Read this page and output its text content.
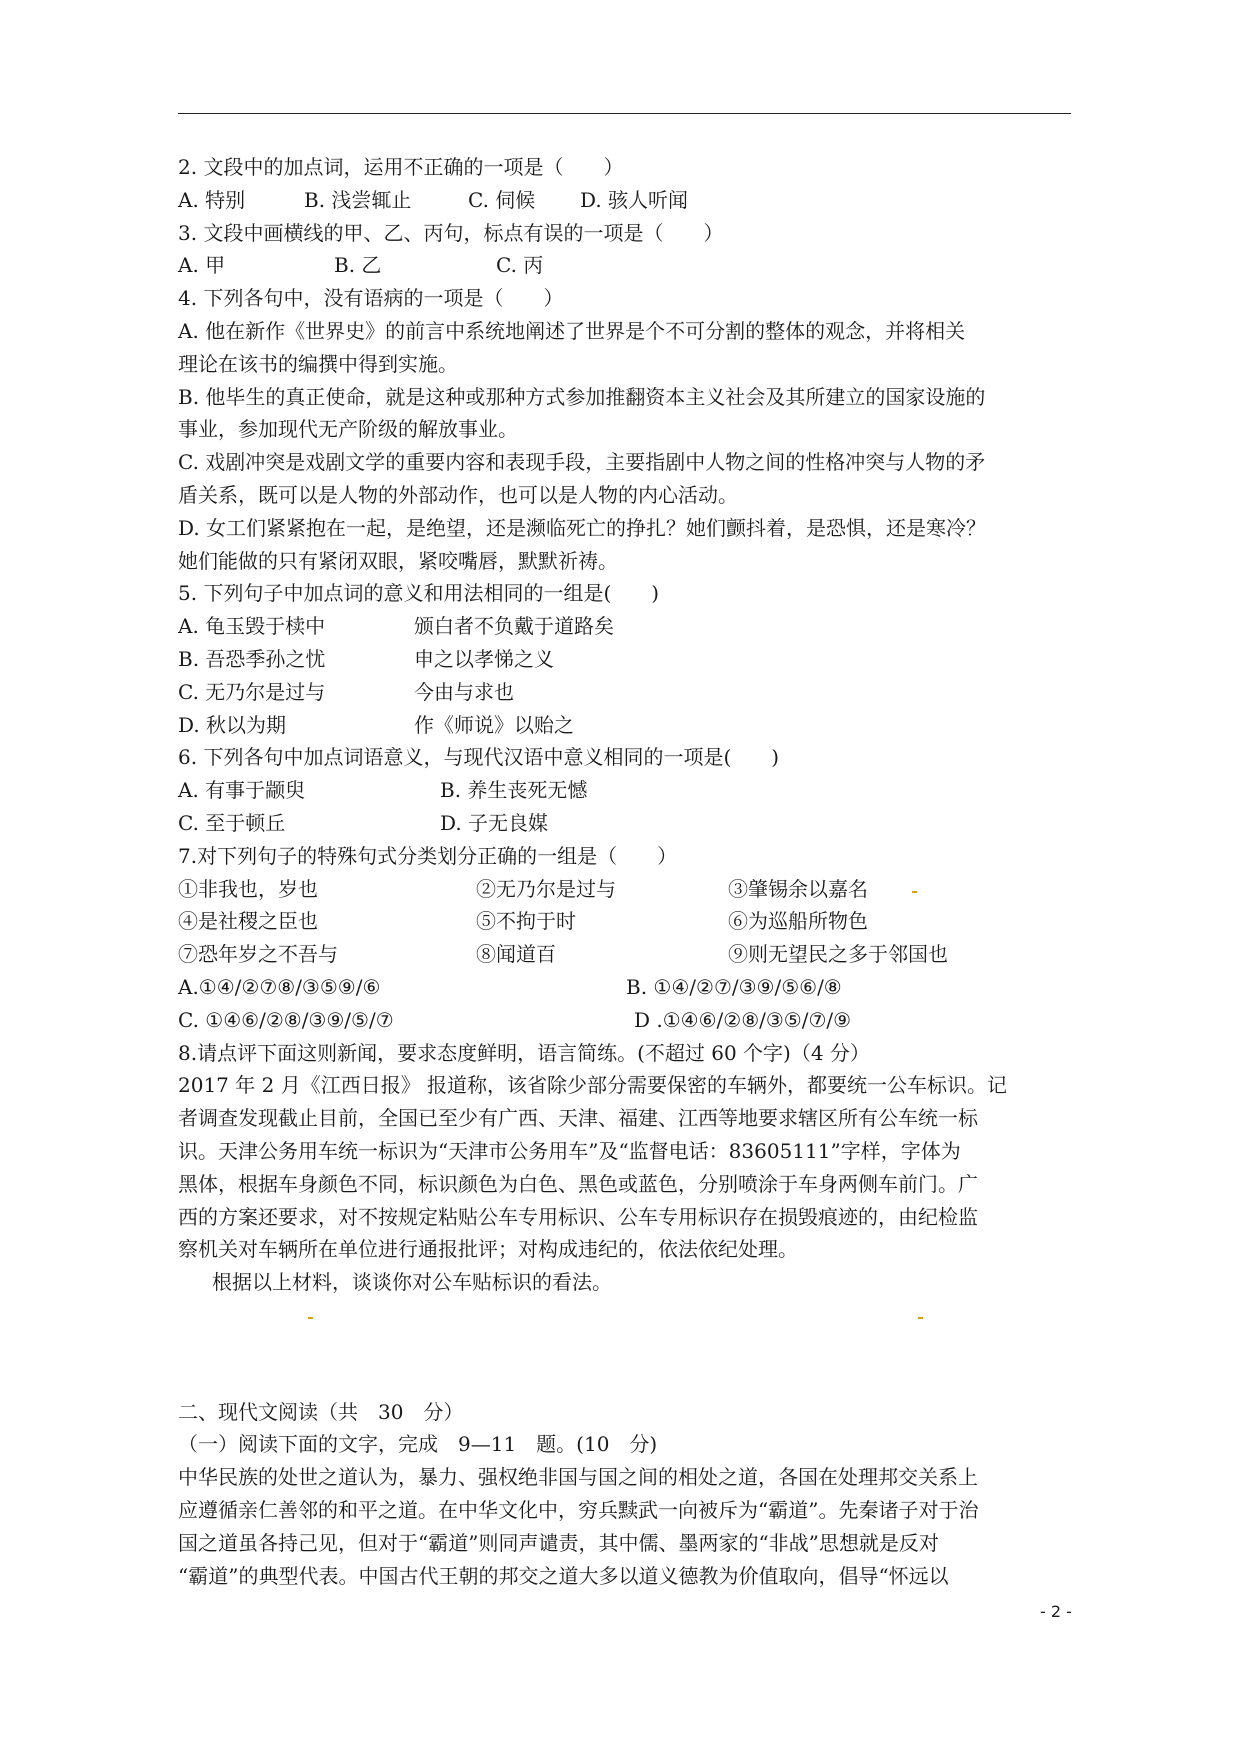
2. 文段中的加点词，运用不正确的一项是（　　）
A. 特别	B. 浅尝辄止	C. 伺候	D. 骇人听闻
3. 文段中画横线的甲、乙、丙句，标点有误的一项是（　　）
A. 甲	B. 乙	C. 丙
4. 下列各句中，没有语病的一项是（　　）
A. 他在新作《世界史》的前言中系统地阐述了世界是个不可分割的整体的观念，并将相关
理论在该书的编撰中得到实施。
B. 他毕生的真正使命，就是这种或那种方式参加推翻资本主义社会及其所建立的国家设施的
事业，参加现代无产阶级的解放事业。
C. 戏剧冲突是戏剧文学的重要内容和表现手段，主要指剧中人物之间的性格冲突与人物的矛
盾关系，既可以是人物的外部动作，也可以是人物的内心活动。
D. 女工们紧紧抱在一起，是绝望，还是濒临死亡的挣扎？她们颤抖着，是恐惧，还是寒冷？
她们能做的只有紧闭双眼，紧咬嘴唇，默默祈祷。
5. 下列句子中加点词的意义和用法相同的一组是(　　)
A. 龟玉毁于椟中	颁白者不负戴于道路矣
B. 吾恐季孙之忧	申之以孝悌之义
C. 无乃尔是过与	今由与求也
D. 秋以为期	作《师说》以贻之
6. 下列各句中加点词语意义，与现代汉语中意义相同的一项是(　　)
A. 有事于颛臾	B. 养生丧死无憾
C. 至于顿丘	D. 子无良媒
7.对下列句子的特殊句式分类划分正确的一组是（　　）
①非我也，岁也	②无乃尔是过与	③肇锡余以嘉名
④是社稷之臣也	⑤不拘于时	⑥为巡船所物色
⑦恐年岁之不吾与	⑧闻道百	⑨则无望民之多于邻国也
A.①④/②⑦⑧/③⑤⑨/⑥	B. ①④/②⑦/③⑨/⑤⑥/⑧
C. ①④⑥/②⑧/③⑨/⑤/⑦	D .①④⑥/②⑧/③⑤/⑦/⑨
8.请点评下面这则新闻，要求态度鲜明，语言简练。(不超过 60 个字)（4 分）
2017 年 2 月《江西日报》 报道称，该省除少部分需要保密的车辆外，都要统一公车标识。记
者调查发现截止目前，全国已至少有广西、天津、福建、江西等地要求辖区所有公车统一标
识。天津公务用车统一标识为“天津市公务用车”及“监督电话：83605111”字样，字体为
黑体，根据车身颜色不同，标识颜色为白色、黑色或蓝色，分别喷涂于车身两侧车前门。广
西的方案还要求，对不按规定粘贴公车专用标识、公车专用标识存在损毁痕迹的，由纪检监
察机关对车辆所在单位进行通报批评；对构成违纪的，依法依纪处理。
根据以上材料，谈谈你对公车贴标识的看法。
二、现代文阅读（共　30　分）
（一）阅读下面的文字，完成　9—11　题。(10　分)
中华民族的处世之道认为，暴力、强权绝非国与国之间的相处之道，各国在处理邦交关系上
应遵循亲仁善邻的和平之道。在中华文化中，穷兵黩武一向被斥为“霸道”。先秦诸子对于治
国之道虽各持己见，但对于“霸道”则同声谴责，其中儒、墨两家的“非战”思想就是反对
“霸道”的典型代表。中国古代王朝的邦交之道大多以道义德教为价值取向，倡导“怀远以
- 2 -
